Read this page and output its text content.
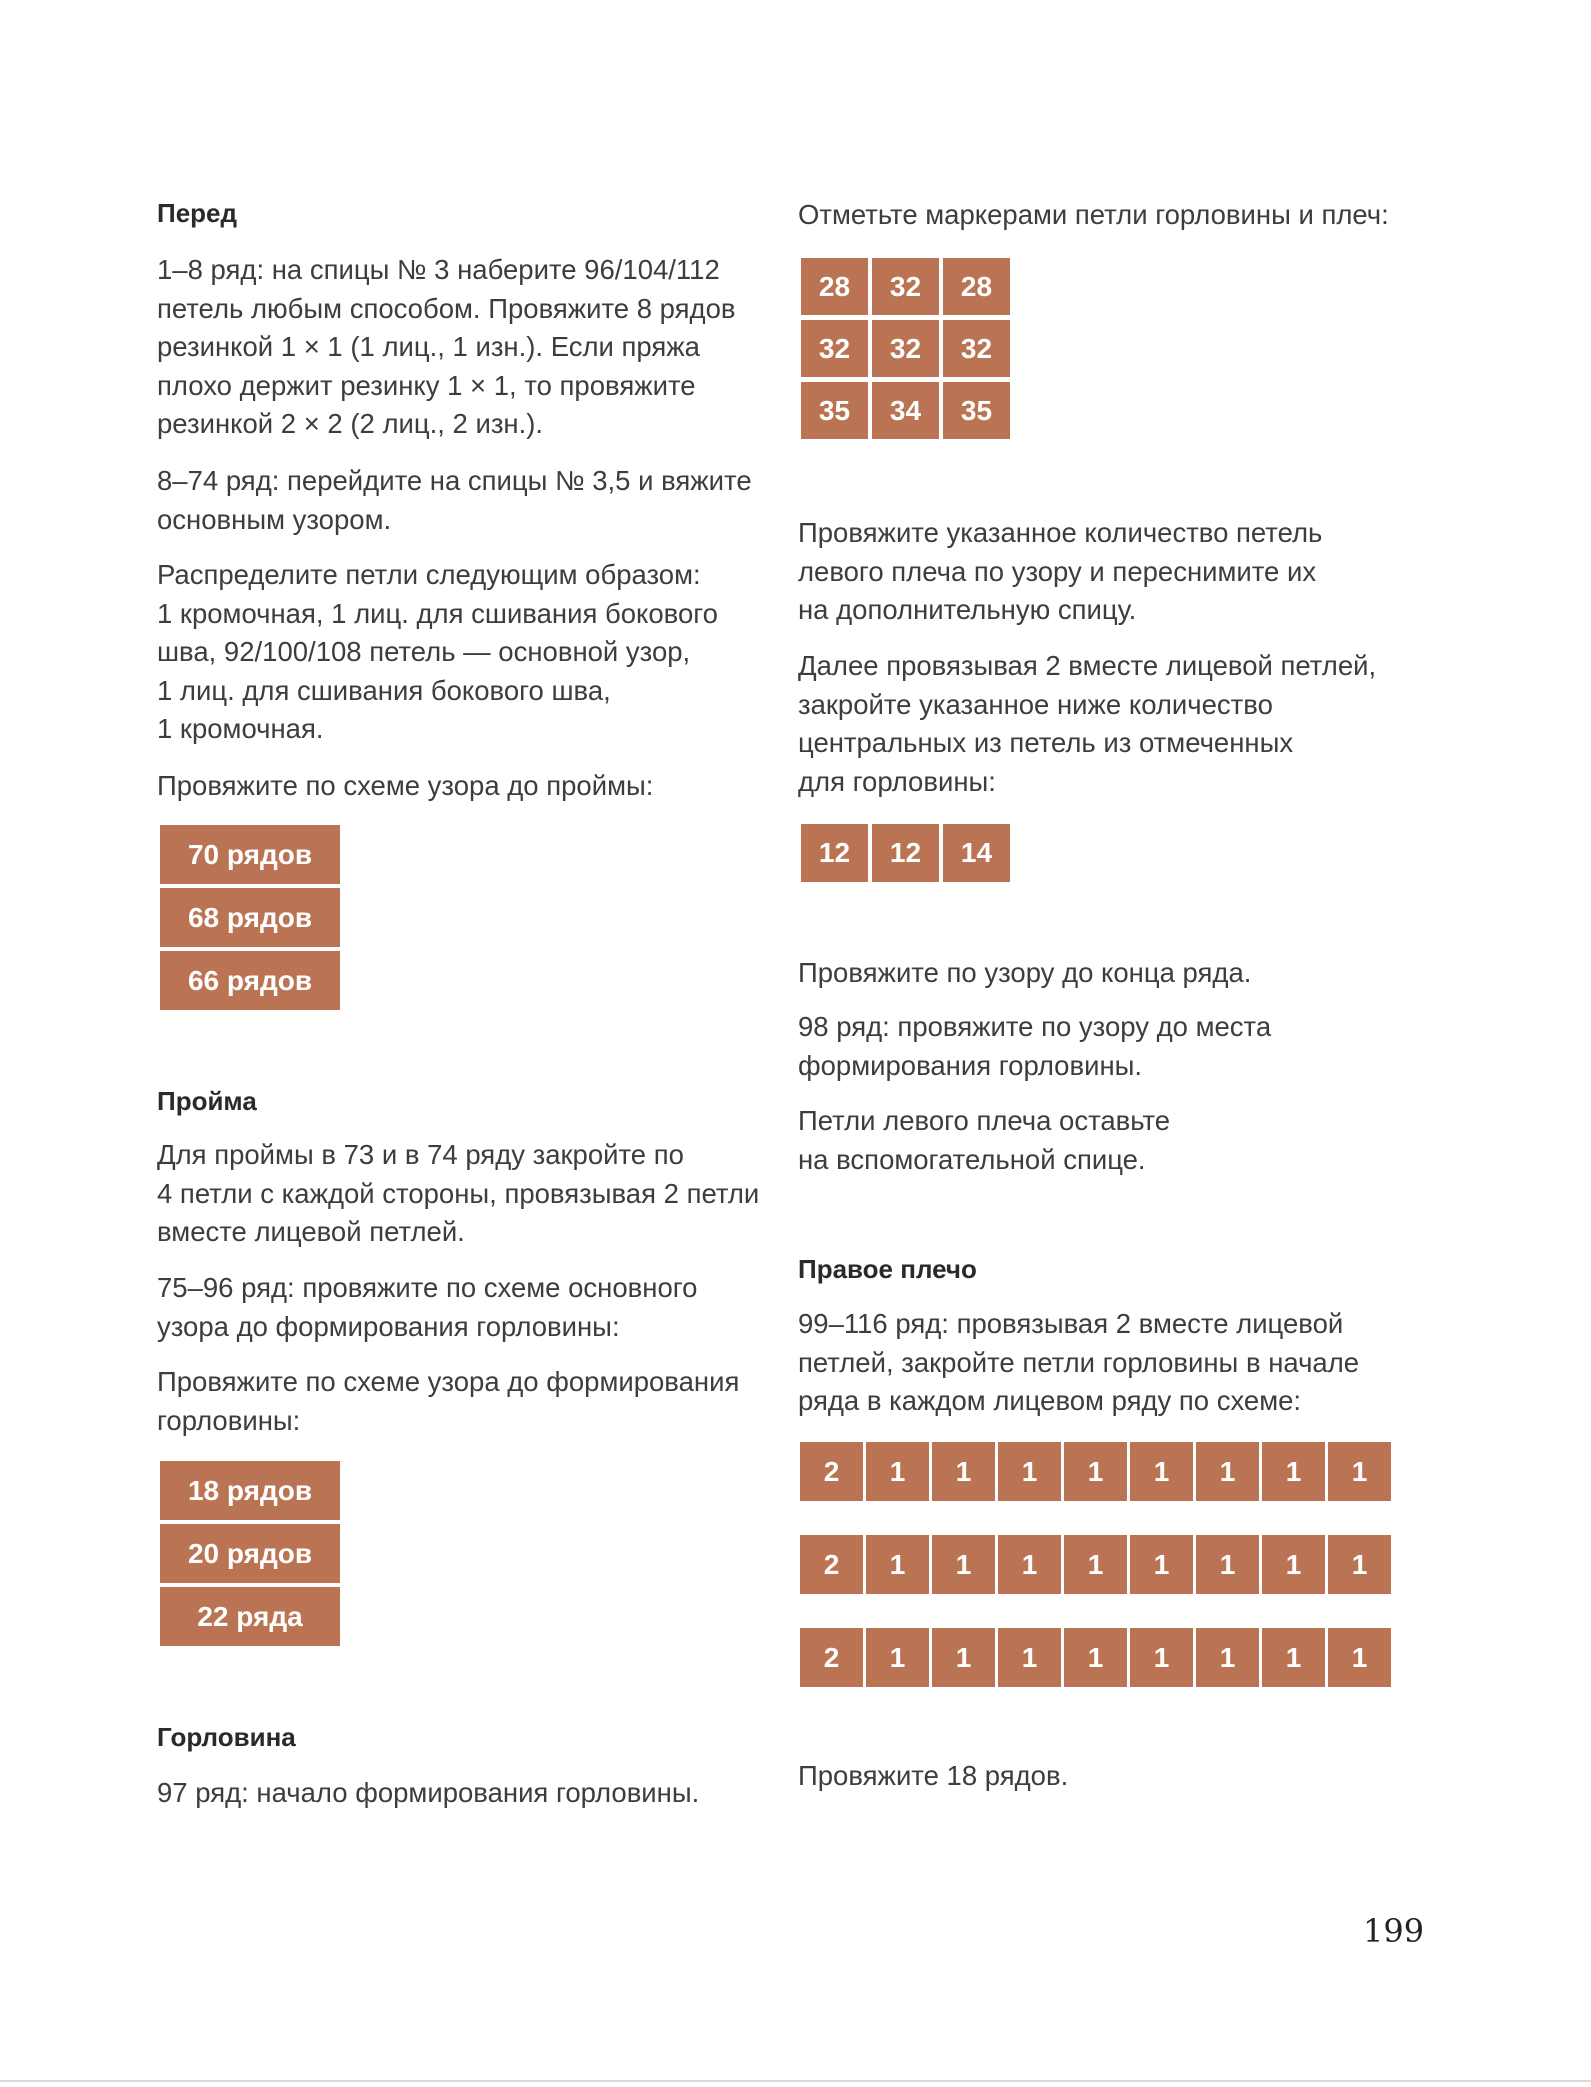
Перед
1–8 ряд: на спицы № 3 наберите 96/104/112
петель любым способом. Провяжите 8 рядов
резинкой 1 × 1 (1 лиц., 1 изн.). Если пряжа
плохо держит резинку 1 × 1, то провяжите
резинкой 2 × 2 (2 лиц., 2 изн.).
8–74 ряд: перейдите на спицы № 3,5 и вяжите
основным узором.
Распределите петли следующим образом:
1 кромочная, 1 лиц. для сшивания бокового
шва, 92/100/108 петель — основной узор,
1 лиц. для сшивания бокового шва,
1 кромочная.
Провяжите по схеме узора до проймы:
70 рядов
68 рядов
66 рядов
Пройма
Для проймы в 73 и в 74 ряду закройте по
4 петли с каждой стороны, провязывая 2 петли
вместе лицевой петлей.
75–96 ряд: провяжите по схеме основного
узора до формирования горловины:
Провяжите по схеме узора до формирования
горловины:
18 рядов
20 рядов
22 ряда
Горловина
97 ряд: начало формирования горловины.
Отметьте маркерами петли горловины и плеч:
28	32	28
32	32	32
35	34	35
Провяжите указанное количество петель
левого плеча по узору и переснимите их
на дополнительную спицу.
Далее провязывая 2 вместе лицевой петлей,
закройте указанное ниже количество
центральных из петель из отмеченных
для горловины:
12	12	14
Провяжите по узору до конца ряда.
98 ряд: провяжите по узору до места
формирования горловины.
Петли левого плеча оставьте
на вспомогательной спице.
Правое плечо
99–116 ряд: провязывая 2 вместе лицевой
петлей, закройте петли горловины в начале
ряда в каждом лицевом ряду по схеме:
2	1	1	1	1	1	1	1	1
2	1	1	1	1	1	1	1	1
2	1	1	1	1	1	1	1	1
Провяжите 18 рядов.
199
